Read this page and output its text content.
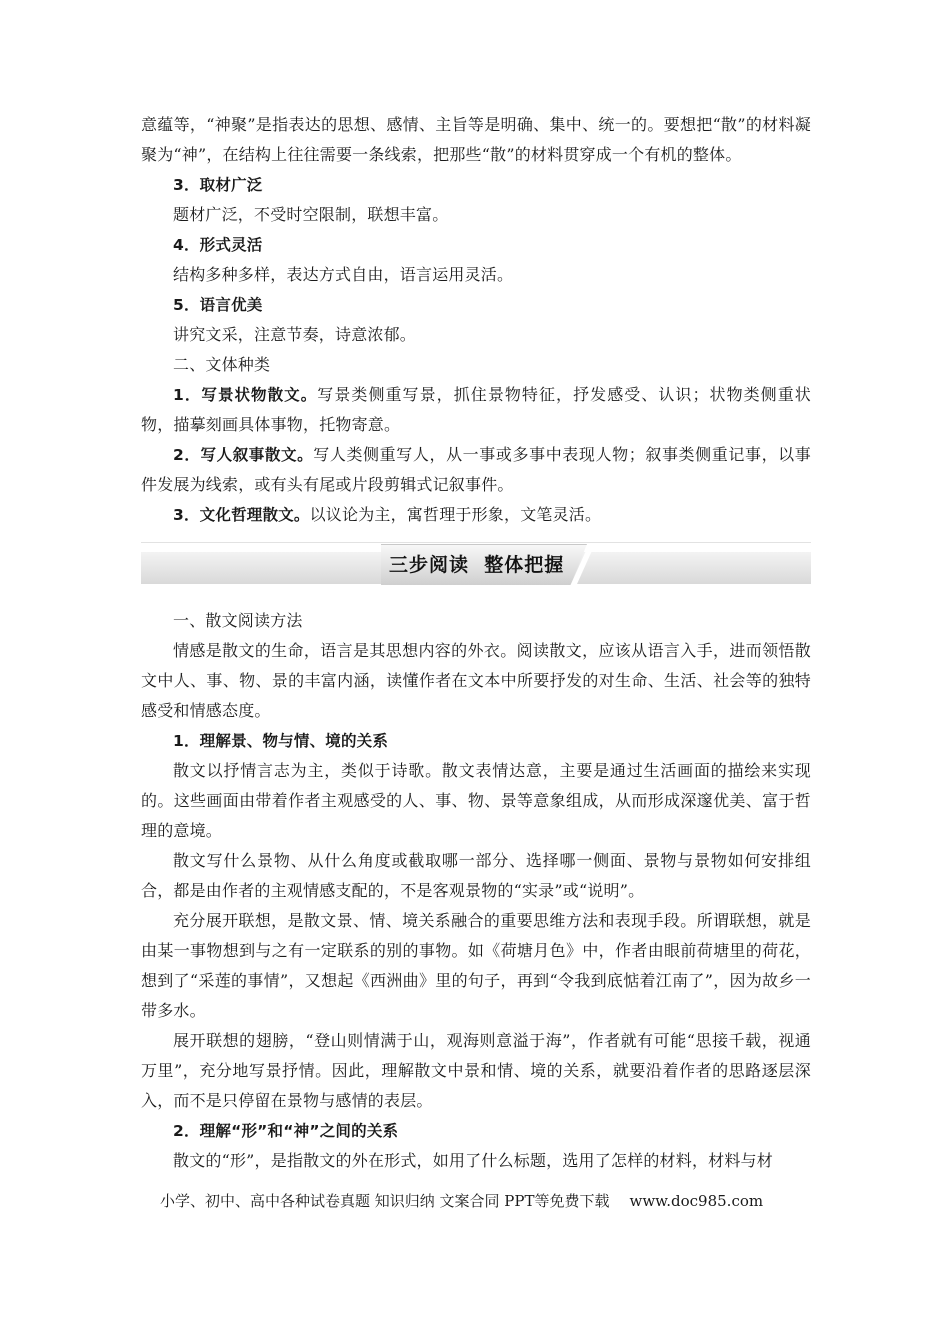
意蕴等，“神聚”是指表达的思想、感情、主旨等是明确、集中、统一的。要想把“散”的材料凝聚为“神”，在结构上往往需要一条线索，把那些“散”的材料贯穿成一个有机的整体。

3．取材广泛

题材广泛，不受时空限制，联想丰富。

4．形式灵活

结构多种多样，表达方式自由，语言运用灵活。

5．语言优美

讲究文采，注意节奏，诗意浓郁。

二、文体种类

1．写景状物散文。写景类侧重写景，抓住景物特征，抒发感受、认识；状物类侧重状物，描摹刻画具体事物，托物寄意。

2．写人叙事散文。写人类侧重写人，从一事或多事中表现人物；叙事类侧重记事，以事件发展为线索，或有头有尾或片段剪辑式记叙事件。

3．文化哲理散文。以议论为主，寓哲理于形象，文笔灵活。

三步阅读  整体把握

一、散文阅读方法

情感是散文的生命，语言是其思想内容的外衣。阅读散文，应该从语言入手，进而领悟散文中人、事、物、景的丰富内涵，读懂作者在文本中所要抒发的对生命、生活、社会等的独特感受和情感态度。

1．理解景、物与情、境的关系

散文以抒情言志为主，类似于诗歌。散文表情达意，主要是通过生活画面的描绘来实现的。这些画面由带着作者主观感受的人、事、物、景等意象组成，从而形成深邃优美、富于哲理的意境。

散文写什么景物、从什么角度或截取哪一部分、选择哪一侧面、景物与景物如何安排组合，都是由作者的主观情感支配的，不是客观景物的“实录”或“说明”。

充分展开联想，是散文景、情、境关系融合的重要思维方法和表现手段。所谓联想，就是由某一事物想到与之有一定联系的别的事物。如《荷塘月色》中，作者由眼前荷塘里的荷花，想到了“采莲的事情”，又想起《西洲曲》里的句子，再到“令我到底惦着江南了”，因为故乡一带多水。

展开联想的翅膀，“登山则情满于山，观海则意溢于海”，作者就有可能“思接千载，视通万里”，充分地写景抒情。因此，理解散文中景和情、境的关系，就要沿着作者的思路逐层深入，而不是只停留在景物与感情的表层。

2．理解“形”和“神”之间的关系

散文的“形”，是指散文的外在形式，如用了什么标题，选用了怎样的材料，材料与材

小学、初中、高中各种试卷真题 知识归纳 文案合同 PPT等免费下载 www.doc985.com
